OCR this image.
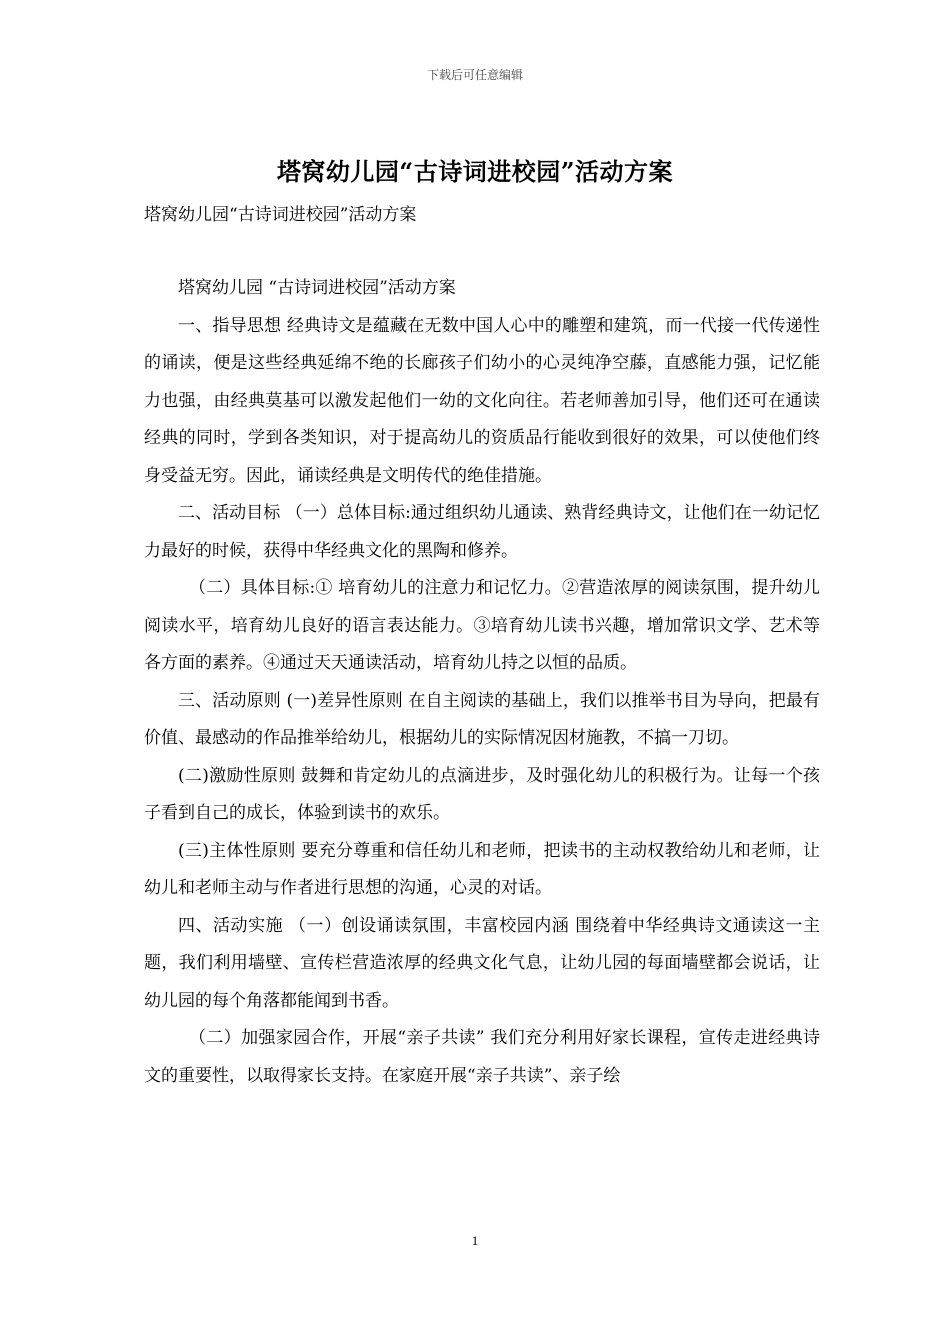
下载后可任意编辑
塔窝幼儿园“古诗词进校园”活动方案
塔窝幼儿园“古诗词进校园”活动方案

塔窝幼儿园 “古诗词进校园”活动方案

一、指导思想 经典诗文是蕴藏在无数中国人心中的雕塑和建筑，而一代接一代传递性的诵读，便是这些经典延绵不绝的长廊孩子们幼小的心灵纯净空藤，直感能力强，记忆能力也强，由经典莫基可以激发起他们一幼的文化向往。若老师善加引导，他们还可在通读经典的同时，学到各类知识，对于提高幼儿的资质品行能收到很好的效果，可以使他们终身受益无穷。因此，诵读经典是文明传代的绝佳措施。

二、活动目标 （一）总体目标:通过组织幼儿通读、熟背经典诗文，让他们在一幼记忆力最好的时候，获得中华经典文化的黑陶和修养。

（二）具体目标:① 培育幼儿的注意力和记忆力。②营造浓厚的阅读氛围，提升幼儿阅读水平，培育幼儿良好的语言表达能力。③培育幼儿读书兴趣，增加常识文学、艺术等各方面的素养。④通过天天通读活动，培育幼儿持之以恒的品质。

三、活动原则 (一)差异性原则 在自主阅读的基础上，我们以推举书目为导向，把最有价值、最感动的作品推举给幼儿，根据幼儿的实际情况因材施教，不搞一刀切。

(二)激励性原则 鼓舞和肯定幼儿的点滴进步，及时强化幼儿的积极行为。让每一个孩子看到自己的成长，体验到读书的欢乐。

(三)主体性原则 要充分尊重和信任幼儿和老师，把读书的主动权教给幼儿和老师，让幼儿和老师主动与作者进行思想的沟通，心灵的对话。

四、活动实施 （一）创设诵读氛围，丰富校园内涵 围绕着中华经典诗文通读这一主题，我们利用墙壁、宣传栏营造浓厚的经典文化气息，让幼儿园的每面墙壁都会说话，让幼儿园的每个角落都能闻到书香。

（二）加强家园合作，开展“亲子共读” 我们充分利用好家长课程，宣传走进经典诗文的重要性，以取得家长支持。在家庭开展“亲子共读”、亲子绘

1
